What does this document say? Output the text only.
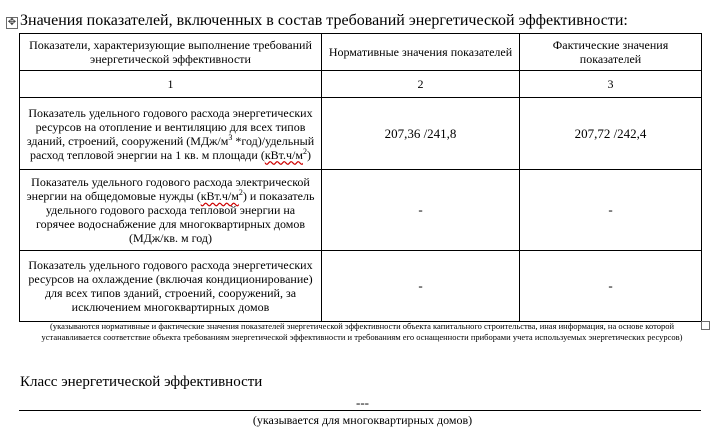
✥ Значения показателей, включенных в состав требований энергетической эффективности:
Показатели, характеризующие выполнение требований энергетической эффективности	Нормативные значения показателей	Фактические значения показателей
1	2	3
Показатель удельного годового расхода энергетических ресурсов на отопление и вентиляцию для всех типов зданий, строений, сооружений ($МДж/м^3$ *год)/удельный расход тепловой энергии на 1 кв. м площади $(кВт.ч/м^2)$	207,36 /241,8	207,72 /242,4
Показатель удельного годового расхода электрической энергии на общедомовые нужды $(кВт.ч/м^2)$ и показатель удельного годового расхода тепловой энергии на горячее водоснабжение для многоквартирных домов (МДж/кв. м год)	-	-
Показатель удельного годового расхода энергетических ресурсов на охлаждение (включая кондиционирование) для всех типов зданий, строений, сооружений, за исключением многоквартирных домов	-	-
(указываются нормативные и фактические значения показателей энергетической эффективности объекта капитального строительства, иная информация, на основе которой устанавливается соответствие объекта требованиям энергетической эффективности и требованиям его оснащенности приборами учета используемых энергетических ресурсов)
Класс энергетической эффективности
---
(указывается для многоквартирных домов)
